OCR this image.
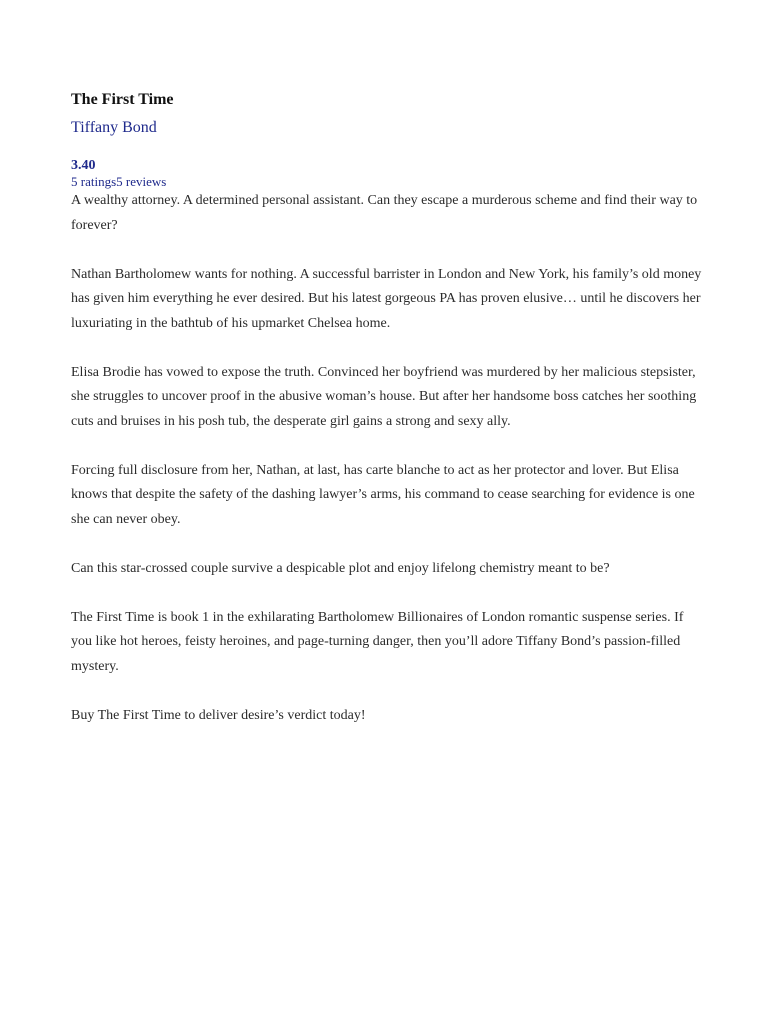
The First Time
Tiffany Bond
3.40
5 ratings5 reviews

A wealthy attorney. A determined personal assistant. Can they escape a murderous scheme and find their way to forever?

Nathan Bartholomew wants for nothing. A successful barrister in London and New York, his family’s old money has given him everything he ever desired. But his latest gorgeous PA has proven elusive… until he discovers her luxuriating in the bathtub of his upmarket Chelsea home.

Elisa Brodie has vowed to expose the truth. Convinced her boyfriend was murdered by her malicious stepsister, she struggles to uncover proof in the abusive woman’s house. But after her handsome boss catches her soothing cuts and bruises in his posh tub, the desperate girl gains a strong and sexy ally.

Forcing full disclosure from her, Nathan, at last, has carte blanche to act as her protector and lover. But Elisa knows that despite the safety of the dashing lawyer’s arms, his command to cease searching for evidence is one she can never obey.

Can this star-crossed couple survive a despicable plot and enjoy lifelong chemistry meant to be?

The First Time is book 1 in the exhilarating Bartholomew Billionaires of London romantic suspense series. If you like hot heroes, feisty heroines, and page-turning danger, then you’ll adore Tiffany Bond’s passion-filled mystery.

Buy The First Time to deliver desire’s verdict today!
